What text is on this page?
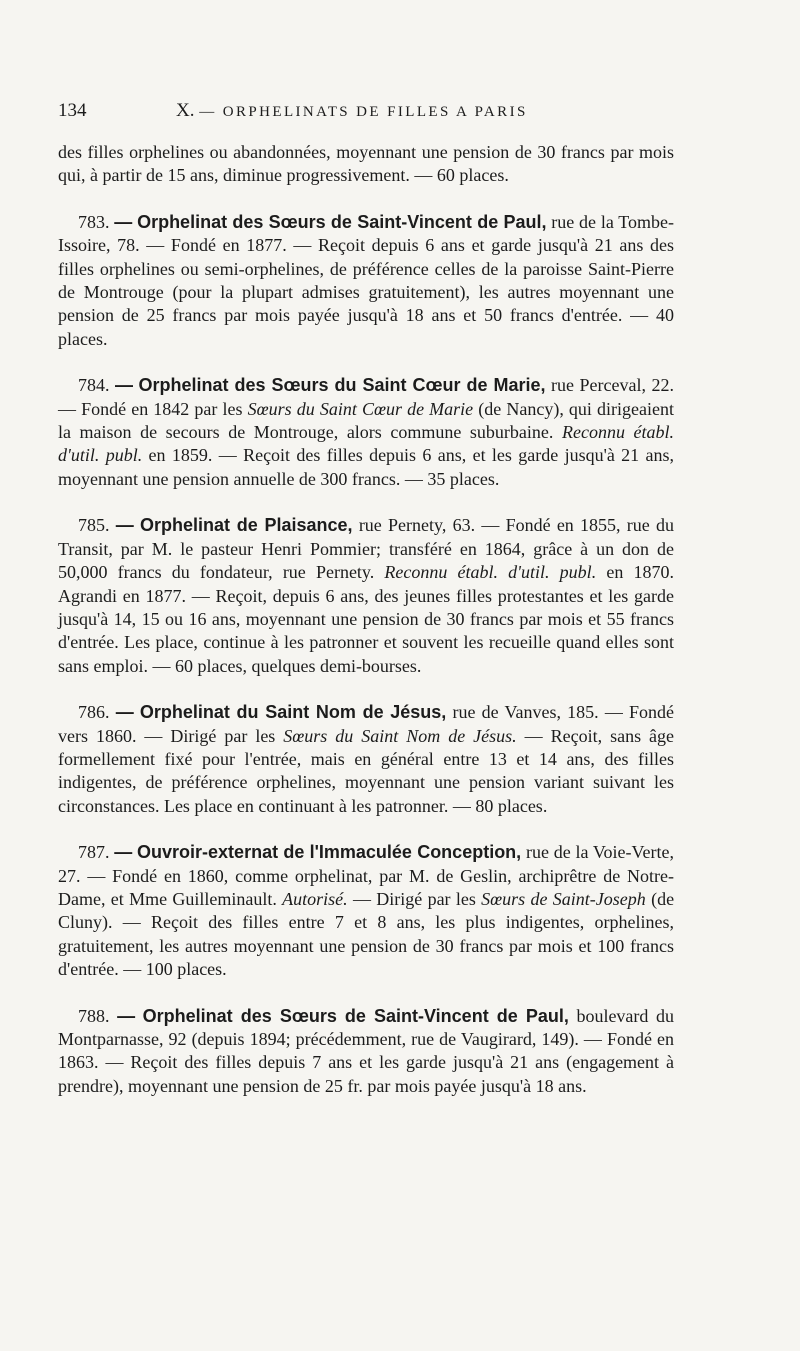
134	X. — ORPHELINATS DE FILLES A PARIS

des filles orphelines ou abandonnées, moyennant une pension de 30 francs par mois qui, à partir de 15 ans, diminue progressivement. — 60 places.

783. — Orphelinat des Sœurs de Saint-Vincent de Paul, rue de la Tombe-Issoire, 78. — Fondé en 1877. — Reçoit depuis 6 ans et garde jusqu'à 21 ans des filles orphelines ou semi-orphelines, de préférence celles de la paroisse Saint-Pierre de Montrouge (pour la plupart admises gratuitement), les autres moyennant une pension de 25 francs par mois payée jusqu'à 18 ans et 50 francs d'entrée. — 40 places.

784. — Orphelinat des Sœurs du Saint Cœur de Marie, rue Perceval, 22. — Fondé en 1842 par les Sœurs du Saint Cœur de Marie (de Nancy), qui dirigeaient la maison de secours de Montrouge, alors commune suburbaine. Reconnu établ. d'util. publ. en 1859. — Reçoit des filles depuis 6 ans, et les garde jusqu'à 21 ans, moyennant une pension annuelle de 300 francs. — 35 places.

785. — Orphelinat de Plaisance, rue Pernety, 63. — Fondé en 1855, rue du Transit, par M. le pasteur Henri Pommier; transféré en 1864, grâce à un don de 50,000 francs du fondateur, rue Pernety. Reconnu établ. d'util. publ. en 1870. Agrandi en 1877. — Reçoit, depuis 6 ans, des jeunes filles protestantes et les garde jusqu'à 14, 15 ou 16 ans, moyennant une pension de 30 francs par mois et 55 francs d'entrée. Les place, continue à les patronner et souvent les recueille quand elles sont sans emploi. — 60 places, quelques demi-bourses.

786. — Orphelinat du Saint Nom de Jésus, rue de Vanves, 185. — Fondé vers 1860. — Dirigé par les Sœurs du Saint Nom de Jésus. — Reçoit, sans âge formellement fixé pour l'entrée, mais en général entre 13 et 14 ans, des filles indigentes, de préférence orphelines, moyennant une pension variant suivant les circonstances. Les place en continuant à les patronner. — 80 places.

787. — Ouvroir-externat de l'Immaculée Conception, rue de la Voie-Verte, 27. — Fondé en 1860, comme orphelinat, par M. de Geslin, archiprêtre de Notre-Dame, et Mme Guilleminault. Autorisé. — Dirigé par les Sœurs de Saint-Joseph (de Cluny). — Reçoit des filles entre 7 et 8 ans, les plus indigentes, orphelines, gratuitement, les autres moyennant une pension de 30 francs par mois et 100 francs d'entrée. — 100 places.

788. — Orphelinat des Sœurs de Saint-Vincent de Paul, boulevard du Montparnasse, 92 (depuis 1894; précédemment, rue de Vaugirard, 149). — Fondé en 1863. — Reçoit des filles depuis 7 ans et les garde jusqu'à 21 ans (engagement à prendre), moyennant une pension de 25 fr. par mois payée jusqu'à 18 ans.
